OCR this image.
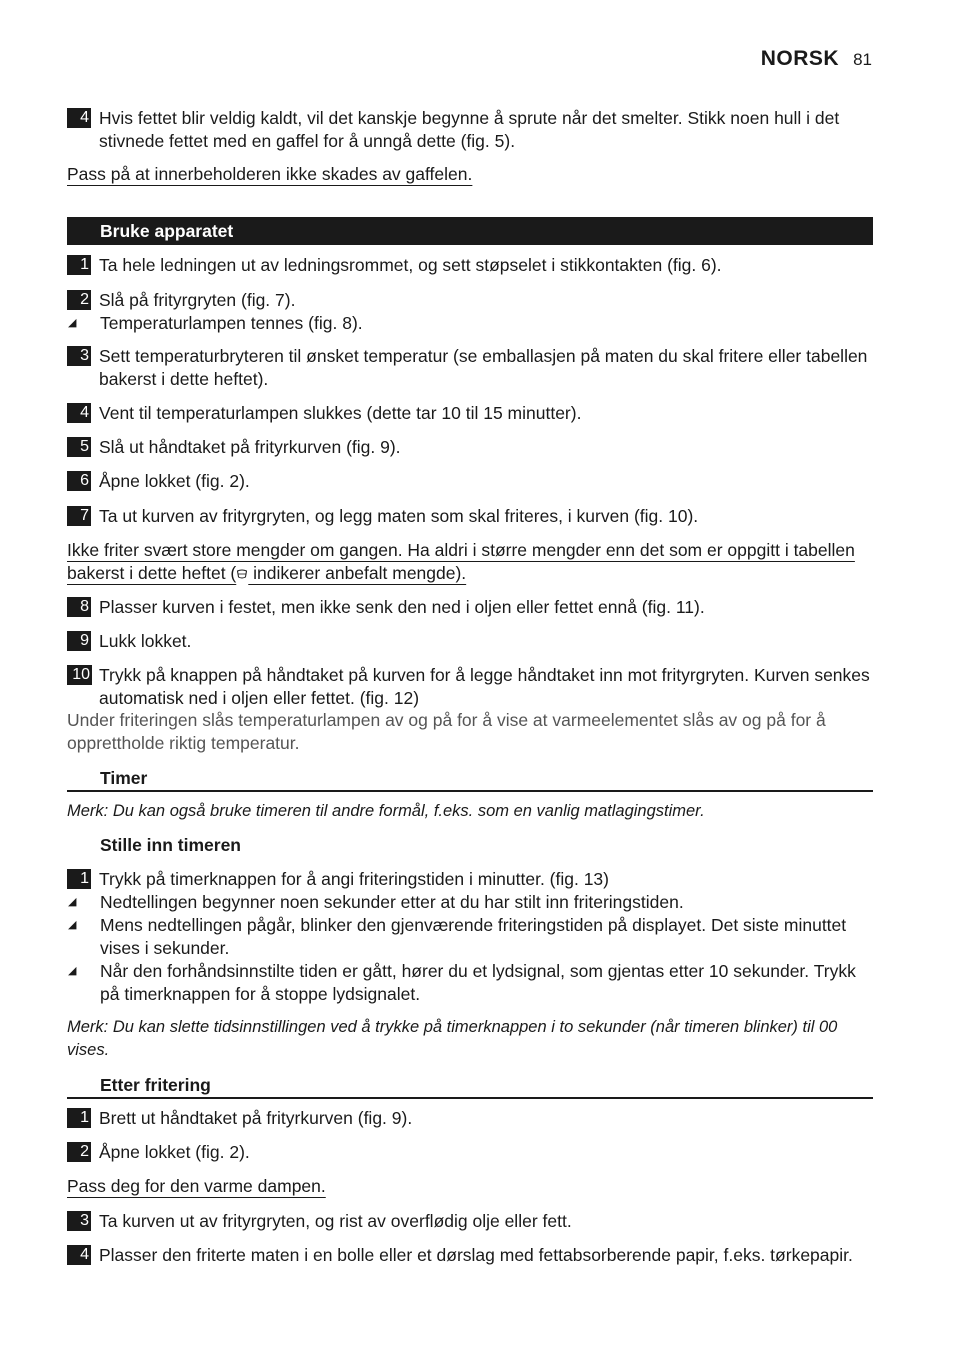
NORSK 81
4 Hvis fettet blir veldig kaldt, vil det kanskje begynne å sprute når det smelter. Stikk noen hull i det stivnede fettet med en gaffel for å unngå dette (fig. 5).
Pass på at innerbeholderen ikke skades av gaffelen.
Bruke apparatet
1 Ta hele ledningen ut av ledningsrommet, og sett støpselet i stikkontakten (fig. 6).
2 Slå på frityrgryten (fig. 7).
◢	Temperaturlampen tennes (fig. 8).
3 Sett temperaturbryteren til ønsket temperatur (se emballasjen på maten du skal fritere eller tabellen bakerst i dette heftet).
4 Vent til temperaturlampen slukkes (dette tar 10 til 15 minutter).
5 Slå ut håndtaket på frityrkurven (fig. 9).
6 Åpne lokket (fig. 2).
7 Ta ut kurven av frityrgryten, og legg maten som skal friteres, i kurven (fig. 10).
Ikke friter svært store mengder om gangen. Ha aldri i større mengder enn det som er oppgitt i tabellen bakerst i dette heftet ( indikerer anbefalt mengde).
8 Plasser kurven i festet, men ikke senk den ned i oljen eller fettet ennå (fig. 11).
9 Lukk lokket.
10 Trykk på knappen på håndtaket på kurven for å legge håndtaket inn mot frityrgryten. Kurven senkes automatisk ned i oljen eller fettet. (fig. 12)
Under friteringen slås temperaturlampen av og på for å vise at varmeelementet slås av og på for å opprettholde riktig temperatur.
Timer
Merk: Du kan også bruke timeren til andre formål, f.eks. som en vanlig matlagingstimer.
Stille inn timeren
1 Trykk på timerknappen for å angi friteringstiden i minutter. (fig. 13)
◢	Nedtellingen begynner noen sekunder etter at du har stilt inn friteringstiden.
◢	Mens nedtellingen pågår, blinker den gjenværende friteringstiden på displayet. Det siste minuttet vises i sekunder.
◢	Når den forhåndsinnstilte tiden er gått, hører du et lydsignal, som gjentas etter 10 sekunder. Trykk på timerknappen for å stoppe lydsignalet.
Merk: Du kan slette tidsinnstillingen ved å trykke på timerknappen i to sekunder (når timeren blinker) til 00 vises.
Etter fritering
1 Brett ut håndtaket på frityrkurven (fig. 9).
2 Åpne lokket (fig. 2).
Pass deg for den varme dampen.
3 Ta kurven ut av frityrgryten, og rist av overflødig olje eller fett.
4 Plasser den friterte maten i en bolle eller et dørslag med fettabsorberende papir, f.eks. tørkepapir.
